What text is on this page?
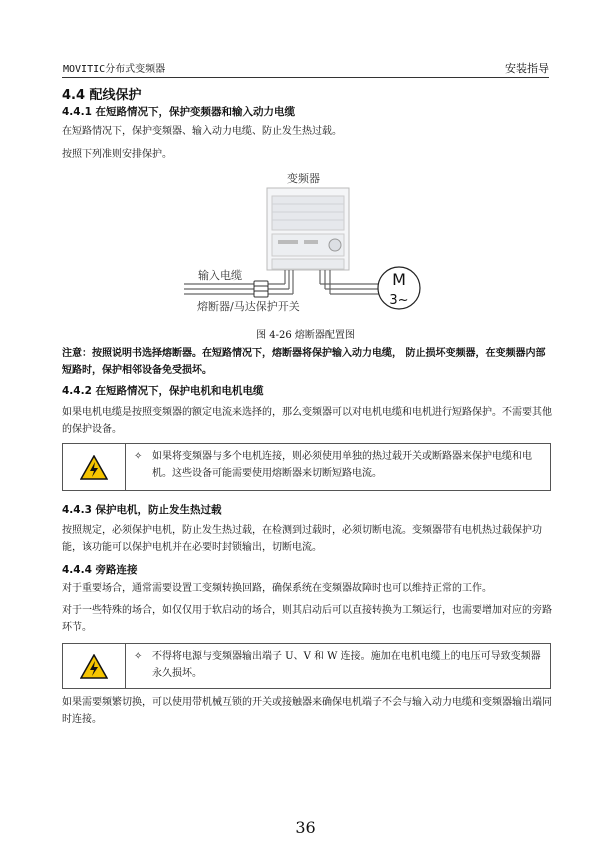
MOVITIC分布式变频器	安装指导
4.4 配线保护
4.4.1 在短路情况下，保护变频器和输入动力电缆
在短路情况下，保护变频器、输入动力电缆、防止发生热过载。
按照下列准则安排保护。
变频器
M
3~
输入电缆
熔断器/马达保护开关
图 4-26 熔断器配置图
注意：按照说明书选择熔断器。在短路情况下，熔断器将保护输入动力电缆， 防止损坏变频器，在变频器内部短路时，保护相邻设备免受损坏。
4.4.2 在短路情况下，保护电机和电机电缆
如果电机电缆是按照变频器的额定电流来选择的，那么变频器可以对电机电缆和电机进行短路保护。不需要其他的保护设备。
✧ 如果将变频器与多个电机连接，则必须使用单独的热过载开关或断路器来保护电缆和电机。这些设备可能需要使用熔断器来切断短路电流。
4.4.3 保护电机，防止发生热过载
按照规定，必须保护电机，防止发生热过载，在检测到过载时，必须切断电流。变频器带有电机热过载保护功能，该功能可以保护电机并在必要时封锁输出，切断电流。
4.4.4 旁路连接
对于重要场合，通常需要设置工变频转换回路，确保系统在变频器故障时也可以维持正常的工作。
对于一些特殊的场合，如仅仅用于软启动的场合，则其启动后可以直接转换为工频运行，也需要增加对应的旁路环节。
✧ 不得将电源与变频器输出端子 U、V 和 W 连接。施加在电机电缆上的电压可导致变频器永久损坏。
如果需要频繁切换，可以使用带机械互锁的开关或接触器来确保电机端子不会与输入动力电缆和变频器输出端同时连接。
36
